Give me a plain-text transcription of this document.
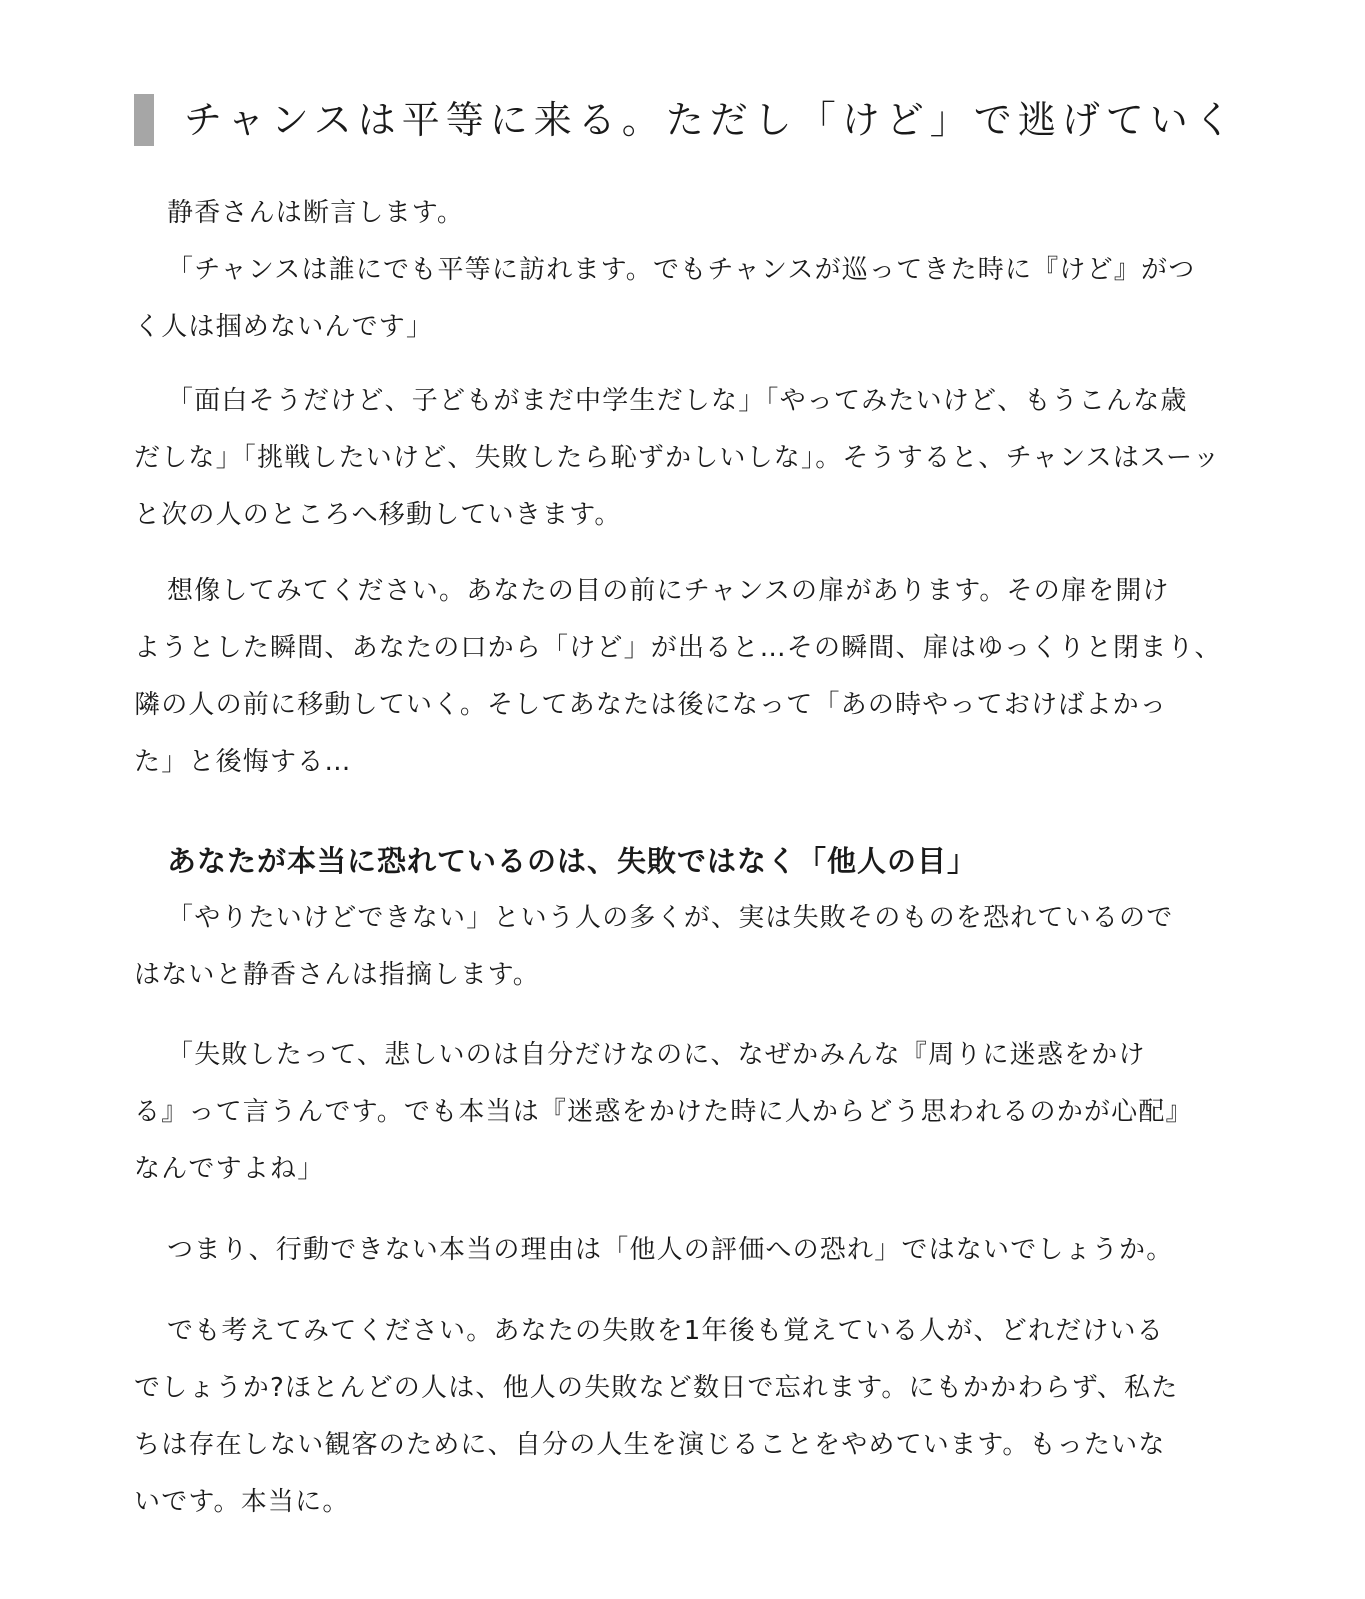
チャンスは平等に来る。ただし「けど」で逃げていく
静香さんは断言します。
「チャンスは誰にでも平等に訪れます。でもチャンスが巡ってきた時に『けど』がつ
く人は掴めないんです」
「面白そうだけど、子どもがまだ中学生だしな」「やってみたいけど、もうこんな歳
だしな」「挑戦したいけど、失敗したら恥ずかしいしな」。そうすると、チャンスはスーッ
と次の人のところへ移動していきます。
想像してみてください。あなたの目の前にチャンスの扉があります。その扉を開け
ようとした瞬間、あなたの口から「けど」が出ると…その瞬間、扉はゆっくりと閉まり、
隣の人の前に移動していく。そしてあなたは後になって「あの時やっておけばよかっ
た」と後悔する…
あなたが本当に恐れているのは、失敗ではなく「他人の目」
「やりたいけどできない」という人の多くが、実は失敗そのものを恐れているので
はないと静香さんは指摘します。
「失敗したって、悲しいのは自分だけなのに、なぜかみんな『周りに迷惑をかけ
る』って言うんです。でも本当は『迷惑をかけた時に人からどう思われるのかが心配』
なんですよね」
つまり、行動できない本当の理由は「他人の評価への恐れ」ではないでしょうか。
でも考えてみてください。あなたの失敗を1年後も覚えている人が、どれだけいる
でしょうか?ほとんどの人は、他人の失敗など数日で忘れます。にもかかわらず、私た
ちは存在しない観客のために、自分の人生を演じることをやめています。もったいな
いです。本当に。
